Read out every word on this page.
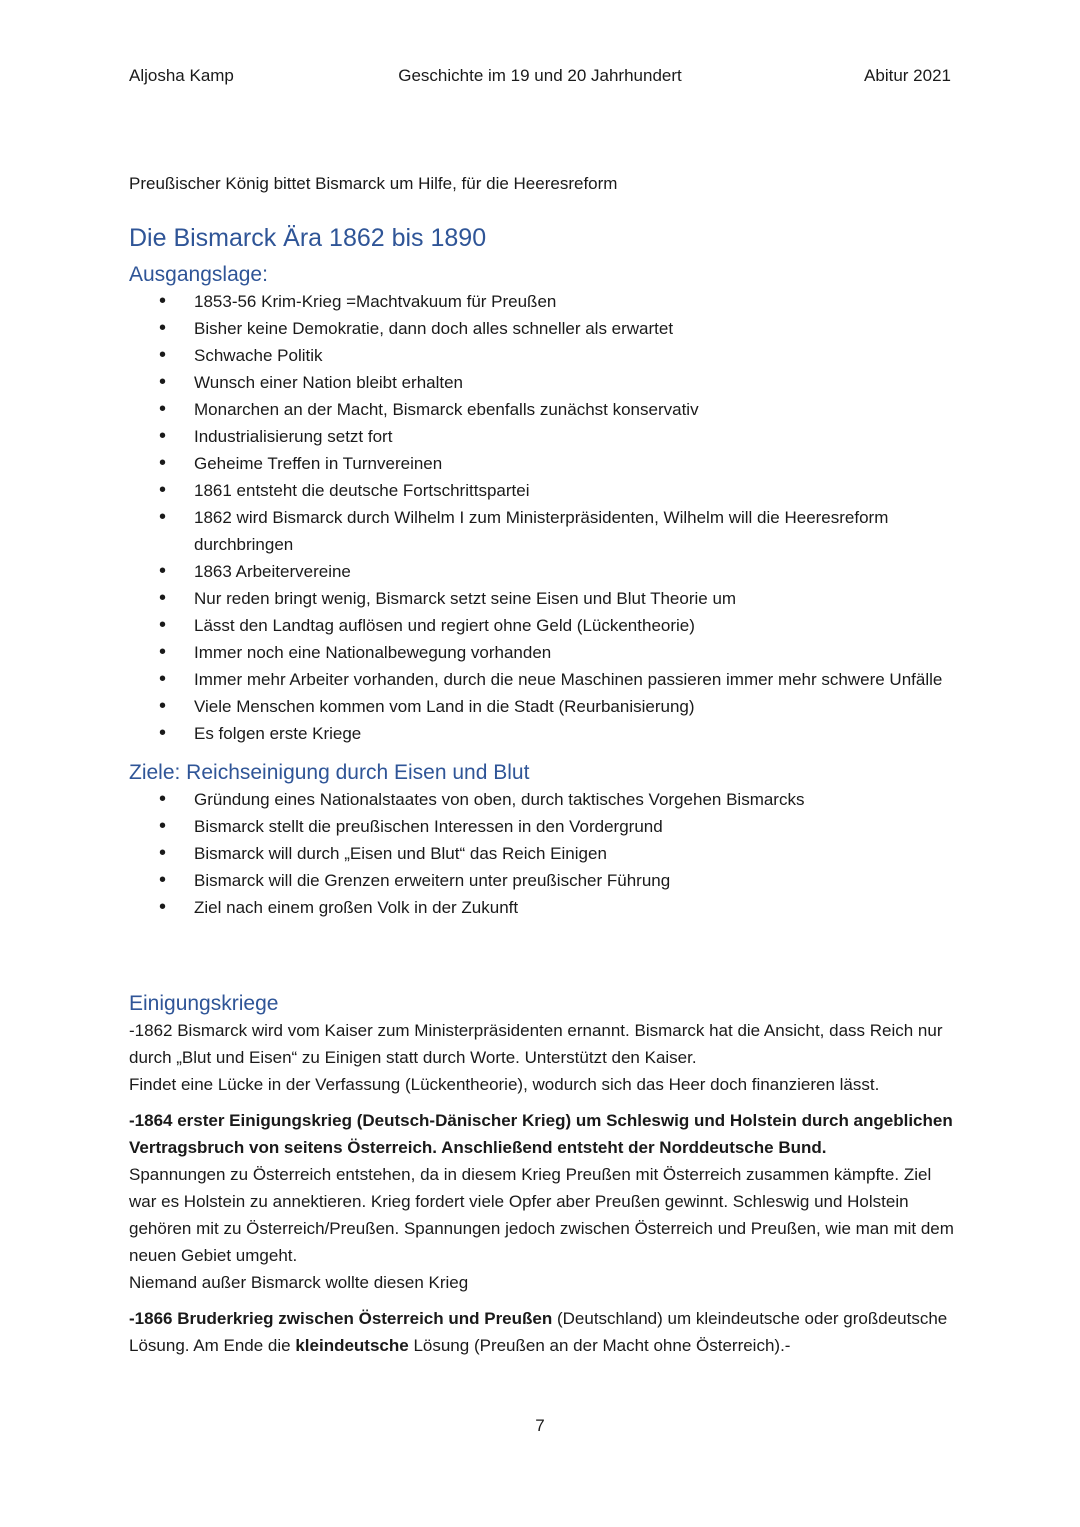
Aljosha Kamp	Geschichte im 19 und 20 Jahrhundert	Abitur 2021

Preußischer König bittet Bismarck um Hilfe, für die Heeresreform

Die Bismarck Ära 1862 bis 1890
Ausgangslage:
• 1853-56 Krim-Krieg =Machtvakuum für Preußen
• Bisher keine Demokratie, dann doch alles schneller als erwartet
• Schwache Politik
• Wunsch einer Nation bleibt erhalten
• Monarchen an der Macht, Bismarck ebenfalls zunächst konservativ
• Industrialisierung setzt fort
• Geheime Treffen in Turnvereinen
• 1861 entsteht die deutsche Fortschrittspartei
• 1862 wird Bismarck durch Wilhelm I zum Ministerpräsidenten, Wilhelm will die Heeresreform durchbringen
• 1863 Arbeitervereine
• Nur reden bringt wenig, Bismarck setzt seine Eisen und Blut Theorie um
• Lässt den Landtag auflösen und regiert ohne Geld (Lückentheorie)
• Immer noch eine Nationalbewegung vorhanden
• Immer mehr Arbeiter vorhanden, durch die neue Maschinen passieren immer mehr schwere Unfälle
• Viele Menschen kommen vom Land in die Stadt (Reurbanisierung)
• Es folgen erste Kriege
Ziele: Reichseinigung durch Eisen und Blut
• Gründung eines Nationalstaates von oben, durch taktisches Vorgehen Bismarcks
• Bismarck stellt die preußischen Interessen in den Vordergrund
• Bismarck will durch „Eisen und Blut“ das Reich Einigen
• Bismarck will die Grenzen erweitern unter preußischer Führung
• Ziel nach einem großen Volk in der Zukunft
Einigungskriege

-1862 Bismarck wird vom Kaiser zum Ministerpräsidenten ernannt. Bismarck hat die Ansicht, dass Reich nur durch „Blut und Eisen“ zu Einigen statt durch Worte. Unterstützt den Kaiser.

Findet eine Lücke in der Verfassung (Lückentheorie), wodurch sich das Heer doch finanzieren lässt.

-1864 erster Einigungskrieg (Deutsch-Dänischer Krieg) um Schleswig und Holstein durch angeblichen Vertragsbruch von seitens Österreich. Anschließend entsteht der Norddeutsche Bund.
Spannungen zu Österreich entstehen, da in diesem Krieg Preußen mit Österreich zusammen kämpfte. Ziel war es Holstein zu annektieren. Krieg fordert viele Opfer aber Preußen gewinnt. Schleswig und Holstein gehören mit zu Österreich/Preußen. Spannungen jedoch zwischen Österreich und Preußen, wie man mit dem neuen Gebiet umgeht.

Niemand außer Bismarck wollte diesen Krieg

-1866 Bruderkrieg zwischen Österreich und Preußen (Deutschland) um kleindeutsche oder großdeutsche Lösung. Am Ende die kleindeutsche Lösung (Preußen an der Macht ohne Österreich).-

7
